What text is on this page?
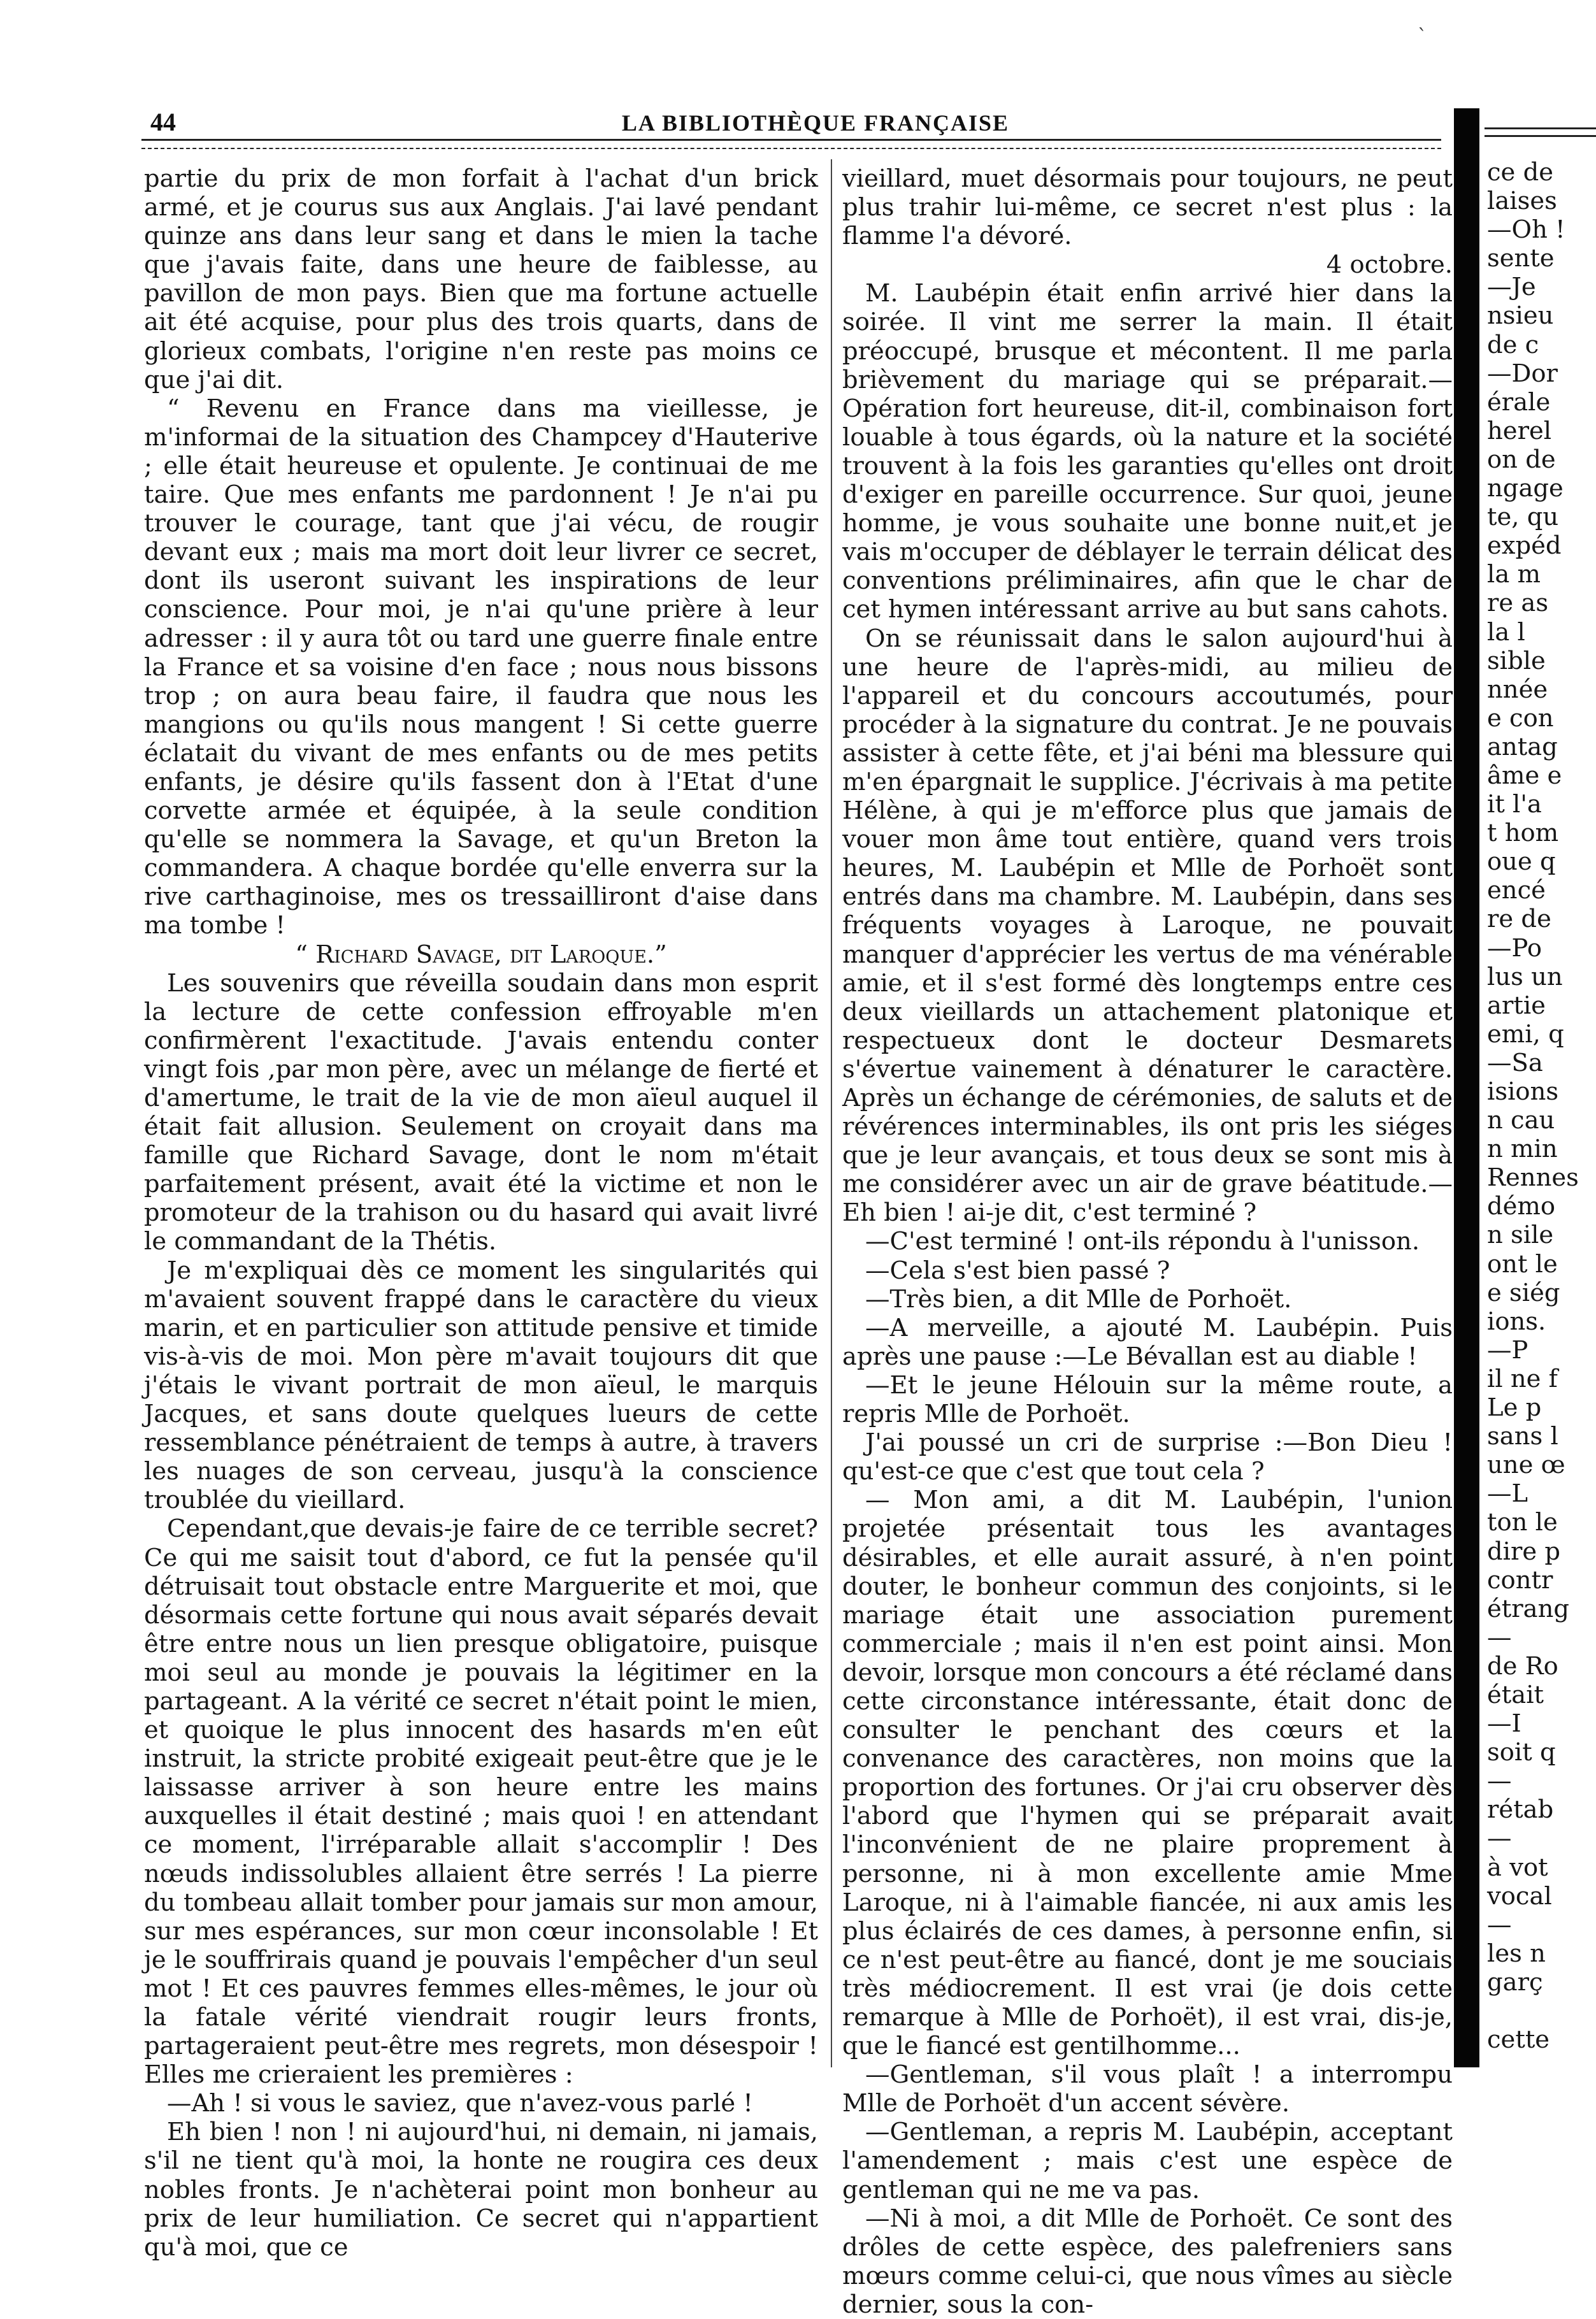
ˋ
44	LA BIBLIOTHÈQUE FRANÇAISE

partie du prix de mon forfait à l'achat d'un brick armé, et je courus sus aux Anglais. J'ai lavé pendant quinze ans dans leur sang et dans le mien la tache que j'avais faite, dans une heure de faiblesse, au pavillon de mon pays. Bien que ma fortune actuelle ait été acquise, pour plus des trois quarts, dans de glorieux combats, l'origine n'en reste pas moins ce que j'ai dit.

“ Revenu en France dans ma vieillesse, je m'informai de la situation des Champcey d'Hauterive ; elle était heureuse et opulente. Je continuai de me taire. Que mes enfants me pardonnent ! Je n'ai pu trouver le courage, tant que j'ai vécu, de rougir devant eux ; mais ma mort doit leur livrer ce secret, dont ils useront suivant les inspirations de leur conscience. Pour moi, je n'ai qu'une prière à leur adresser : il y aura tôt ou tard une guerre finale entre la France et sa voisine d'en face ; nous nous bissons trop ; on aura beau faire, il faudra que nous les mangions ou qu'ils nous mangent ! Si cette guerre éclatait du vivant de mes enfants ou de mes petits enfants, je désire qu'ils fassent don à l'Etat d'une corvette armée et équipée, à la seule condition qu'elle se nommera la Savage, et qu'un Breton la commandera. A chaque bordée qu'elle enverra sur la rive carthaginoise, mes os tressailliront d'aise dans ma tombe !

“ Richard Savage, dit Laroque.”

Les souvenirs que réveilla soudain dans mon esprit la lecture de cette confession effroyable m'en confirmèrent l'exactitude. J'avais entendu conter vingt fois ,par mon père, avec un mélange de fierté et d'amertume, le trait de la vie de mon aïeul auquel il était fait allusion. Seulement on croyait dans ma famille que Richard Savage, dont le nom m'était parfaitement présent, avait été la victime et non le promoteur de la trahison ou du hasard qui avait livré le commandant de la Thétis.

Je m'expliquai dès ce moment les singularités qui m'avaient souvent frappé dans le caractère du vieux marin, et en particulier son attitude pensive et timide vis-à-vis de moi. Mon père m'avait toujours dit que j'étais le vivant portrait de mon aïeul, le marquis Jacques, et sans doute quelques lueurs de cette ressemblance pénétraient de temps à autre, à travers les nuages de son cerveau, jusqu'à la conscience troublée du vieillard.

Cependant,que devais-je faire de ce terrible secret? Ce qui me saisit tout d'abord, ce fut la pensée qu'il détruisait tout obstacle entre Marguerite et moi, que désormais cette fortune qui nous avait séparés devait être entre nous un lien presque obligatoire, puisque moi seul au monde je pouvais la légitimer en la partageant. A la vérité ce secret n'était point le mien, et quoique le plus innocent des hasards m'en eût instruit, la stricte probité exigeait peut-être que je le laissasse arriver à son heure entre les mains auxquelles il était destiné ; mais quoi ! en attendant ce moment, l'irréparable allait s'accomplir ! Des nœuds indissolubles allaient être serrés ! La pierre du tombeau allait tomber pour jamais sur mon amour, sur mes espérances, sur mon cœur inconsolable ! Et je le souffrirais quand je pouvais l'empêcher d'un seul mot ! Et ces pauvres femmes elles-mêmes, le jour où la fatale vérité viendrait rougir leurs fronts, partageraient peut-être mes regrets, mon désespoir ! Elles me crieraient les premières :

—Ah ! si vous le saviez, que n'avez-vous parlé !

Eh bien ! non ! ni aujourd'hui, ni demain, ni jamais, s'il ne tient qu'à moi, la honte ne rougira ces deux nobles fronts. Je n'achèterai point mon bonheur au prix de leur humiliation. Ce secret qui n'appartient qu'à moi, que ce

vieillard, muet désormais pour toujours, ne peut plus trahir lui-même, ce secret n'est plus : la flamme l'a dévoré.

4 octobre.

M. Laubépin était enfin arrivé hier dans la soirée. Il vint me serrer la main. Il était préoccupé, brusque et mécontent. Il me parla brièvement du mariage qui se préparait.—Opération fort heureuse, dit-il, combinaison fort louable à tous égards, où la nature et la société trouvent à la fois les garanties qu'elles ont droit d'exiger en pareille occurrence. Sur quoi, jeune homme, je vous souhaite une bonne nuit,et je vais m'occuper de déblayer le terrain délicat des conventions préliminaires, afin que le char de cet hymen intéressant arrive au but sans cahots.

On se réunissait dans le salon aujourd'hui à une heure de l'après-midi, au milieu de l'appareil et du concours accoutumés, pour procéder à la signature du contrat. Je ne pouvais assister à cette fête, et j'ai béni ma blessure qui m'en épargnait le supplice. J'écrivais à ma petite Hélène, à qui je m'efforce plus que jamais de vouer mon âme tout entière, quand vers trois heures, M. Laubépin et Mlle de Porhoët sont entrés dans ma chambre. M. Laubépin, dans ses fréquents voyages à Laroque, ne pouvait manquer d'apprécier les vertus de ma vénérable amie, et il s'est formé dès longtemps entre ces deux vieillards un attachement platonique et respectueux dont le docteur Desmarets s'évertue vainement à dénaturer le caractère. Après un échange de cérémonies, de saluts et de révérences interminables, ils ont pris les siéges que je leur avançais, et tous deux se sont mis à me considérer avec un air de grave béatitude.—Eh bien ! ai-je dit, c'est terminé ?

—C'est terminé ! ont-ils répondu à l'unisson.

—Cela s'est bien passé ?

—Très bien, a dit Mlle de Porhoët.

—A merveille, a ajouté M. Laubépin. Puis après une pause :—Le Bévallan est au diable !

—Et le jeune Hélouin sur la même route, a repris Mlle de Porhoët.

J'ai poussé un cri de surprise :—Bon Dieu ! qu'est-ce que c'est que tout cela ?

— Mon ami, a dit M. Laubépin, l'union projetée présentait tous les avantages désirables, et elle aurait assuré, à n'en point douter, le bonheur commun des conjoints, si le mariage était une association purement commerciale ; mais il n'en est point ainsi. Mon devoir, lorsque mon concours a été réclamé dans cette circonstance intéressante, était donc de consulter le penchant des cœurs et la convenance des caractères, non moins que la proportion des fortunes. Or j'ai cru observer dès l'abord que l'hymen qui se préparait avait l'inconvénient de ne plaire proprement à personne, ni à mon excellente amie Mme Laroque, ni à l'aimable fiancée, ni aux amis les plus éclairés de ces dames, à personne enfin, si ce n'est peut-être au fiancé, dont je me souciais très médiocrement. Il est vrai (je dois cette remarque à Mlle de Porhoët), il est vrai, dis-je, que le fiancé est gentilhomme...

—Gentleman, s'il vous plaît ! a interrompu Mlle de Porhoët d'un accent sévère.

—Gentleman, a repris M. Laubépin, acceptant l'amendement ; mais c'est une espèce de gentleman qui ne me va pas.

—Ni à moi, a dit Mlle de Porhoët. Ce sont des drôles de cette espèce, des palefreniers sans mœurs comme celui-ci, que nous vîmes au siècle dernier, sous la con-

ce de
laises
—Oh !
sente
—Je
nsieu
de c
—Dor
érale
herel
on de
ngage
te, qu
expéd
la m
re as
la l
sible
nnée
e con
antag
âme e
it l'a
t hom
oue q
encé
re de
—Po
lus un
artie
emi, q
—Sa
isions
n cau
n min
Rennes
démo
n sile
ont le
e siég
ions.
—P
il ne f
Le p
sans l
une œ
—L
ton le
dire p
contr
étrang
—
de Ro
était
—I
soit q
—
rétab
—
à vot
vocal
—
les n
garç
cette
